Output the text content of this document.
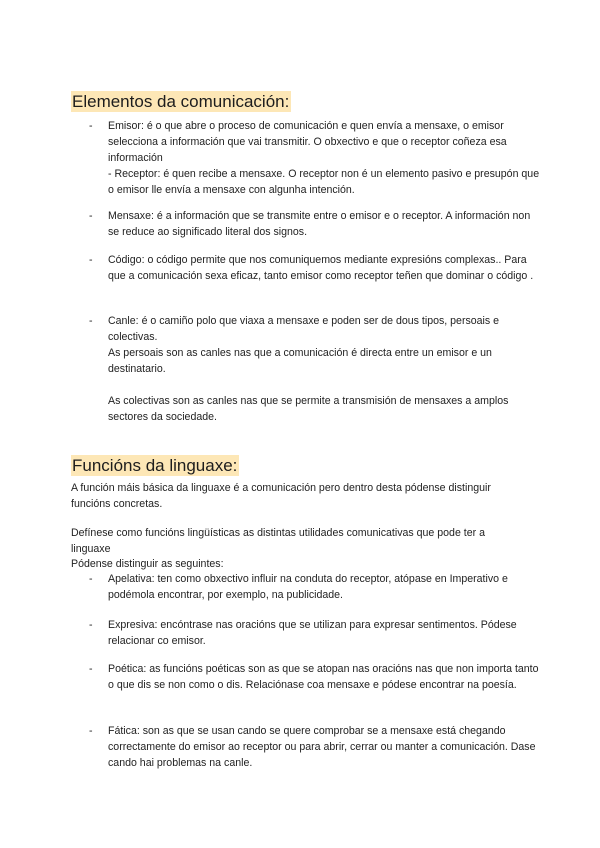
Elementos da comunicación:
- Emisor: é o que abre o proceso de comunicación e quen envía a mensaxe, o emisor selecciona a información que vai transmitir. O obxectivo e que o receptor coñeza esa información

- Receptor: é quen recibe a mensaxe. O receptor non é un elemento pasivo e presupón que o emisor lle envía a mensaxe con algunha intención.

- Mensaxe: é a información que se transmite entre o emisor e o receptor. A información non se reduce ao significado literal dos signos.

- Código: o código permite que nos comuniquemos mediante expresións complexas.. Para que a comunicación sexa eficaz, tanto emisor como receptor teñen que dominar o código .

- Canle: é o camiño polo que viaxa a mensaxe e poden ser de dous tipos, persoais e colectivas.

As persoais son as canles nas que a comunicación é directa entre un emisor e un destinatario.

As colectivas son as canles nas que se permite a transmisión de mensaxes a amplos sectores da sociedade.

Funcións da linguaxe:

A función máis básica da linguaxe é a comunicación pero dentro desta pódense distinguir funcións concretas.

Defínese como funcións lingüísticas as distintas utilidades comunicativas que pode ter a linguaxe

Pódense distinguir as seguintes:

- Apelativa: ten como obxectivo influir na conduta do receptor, atópase en Imperativo e podémola encontrar, por exemplo, na publicidade.

- Expresiva: encóntrase nas oracións que se utilizan para expresar sentimentos. Pódese relacionar co emisor.

- Poética: as funcións poéticas son as que se atopan nas oracións nas que non importa tanto o que dis se non como o dis. Relaciónase coa mensaxe e pódese encontrar na poesía.

- Fática: son as que se usan cando se quere comprobar se a mensaxe está chegando correctamente do emisor ao receptor ou para abrir, cerrar ou manter a comunicación. Dase cando hai problemas na canle.
